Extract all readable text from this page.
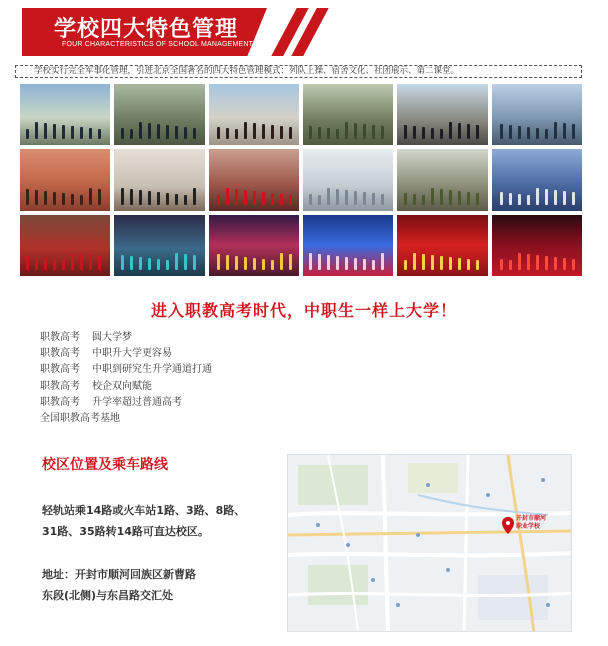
学校四大特色管理
FOUR CHARACTERISTICS OF SCHOOL MANAGEMENT
学校实行完全军事化管理，引进北京全国著名的四大特色管理模式：列队上操、宿舍文化、社团展示、第二课堂。
进入职教高考时代，中职生一样上大学！
职教高考 圆大学梦
职教高考 中职升大学更容易
职教高考 中职到研究生升学通道打通
职教高考 校企双向赋能
职教高考 升学率超过普通高考
全国职教高考基地
校区位置及乘车路线
轻轨站乘14路或火车站1路、3路、8路、
31路、35路转14路可直达校区。
地址：开封市顺河回族区新曹路
东段(北侧)与东昌路交汇处
开封市顺河
职业学校
